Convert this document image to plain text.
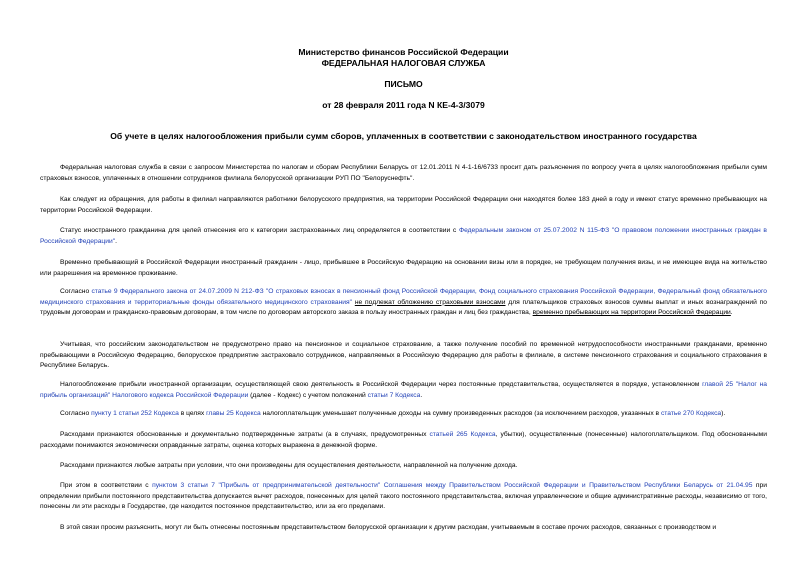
Министерство финансов Российской Федерации
ФЕДЕРАЛЬНАЯ НАЛОГОВАЯ СЛУЖБА
ПИСЬМО
от 28 февраля 2011 года N КЕ-4-3/3079
Об учете в целях налогообложения прибыли сумм сборов, уплаченных в соответствии с законодательством иностранного государства
Федеральная налоговая служба в связи с запросом Министерства по налогам и сборам Республики Беларусь от 12.01.2011 N 4-1-16/6733 просит дать разъяснения по вопросу учета в целях налогообложения прибыли сумм страховых взносов, уплаченных в отношении сотрудников филиала белорусской организации РУП ПО "Белоруснефть".
Как следует из обращения, для работы в филиал направляются работники белорусского предприятия, на территории Российской Федерации они находятся более 183 дней в году и имеют статус временно пребывающих на территории Российской Федерации.
Статус иностранного гражданина для целей отнесения его к категории застрахованных лиц определяется в соответствии с Федеральным законом от 25.07.2002 N 115-ФЗ "О правовом положении иностранных граждан в Российской Федерации".
Временно пребывающий в Российской Федерации иностранный гражданин - лицо, прибывшее в Российскую Федерацию на основании визы или в порядке, не требующем получения визы, и не имеющее вида на жительство или разрешения на временное проживание.
Согласно статье 9 Федерального закона от 24.07.2009 N 212-ФЗ "О страховых взносах в пенсионный фонд Российской Федерации, Фонд социального страхования Российской Федерации, Федеральный фонд обязательного медицинского страхования и территориальные фонды обязательного медицинского страхования" не подлежат обложению страховыми взносами для плательщиков страховых взносов суммы выплат и иных вознаграждений по трудовым договорам и гражданско-правовым договорам, в том числе по договорам авторского заказа в пользу иностранных граждан и лиц без гражданства, временно пребывающих на территории Российской Федерации.
Учитывая, что российским законодательством не предусмотрено право на пенсионное и социальное страхование, а также получение пособий по временной нетрудоспособности иностранными гражданами, временно пребывающими в Российскую Федерацию, белорусское предприятие застраховало сотрудников, направляемых в Российскую Федерацию для работы в филиале, в системе пенсионного страхования и социального страхования в Республике Беларусь.
Налогообложение прибыли иностранной организации, осуществляющей свою деятельность в Российской Федерации через постоянные представительства, осуществляется в порядке, установленном главой 25 "Налог на прибыль организаций" Налогового кодекса Российской Федерации (далее - Кодекс) с учетом положений статьи 7 Кодекса.
Согласно пункту 1 статьи 252 Кодекса в целях главы 25 Кодекса налогоплательщик уменьшает полученные доходы на сумму произведенных расходов (за исключением расходов, указанных в статье 270 Кодекса).
Расходами признаются обоснованные и документально подтвержденные затраты (а в случаях, предусмотренных статьей 265 Кодекса, убытки), осуществленные (понесенные) налогоплательщиком. Под обоснованными расходами понимаются экономически оправданные затраты, оценка которых выражена в денежной форме.
Расходами признаются любые затраты при условии, что они произведены для осуществления деятельности, направленной на получение дохода.
При этом в соответствии с пунктом 3 статьи 7 "Прибыль от предпринимательской деятельности" Соглашения между Правительством Российской Федерации и Правительством Республики Беларусь от 21.04.95 при определении прибыли постоянного представительства допускается вычет расходов, понесенных для целей такого постоянного представительства, включая управленческие и общие административные расходы, независимо от того, понесены ли эти расходы в Государстве, где находится постоянное представительство, или за его пределами.
В этой связи просим разъяснить, могут ли быть отнесены постоянным представительством белорусской организации к другим расходам, учитываемым в составе прочих расходов, связанных с производством и
